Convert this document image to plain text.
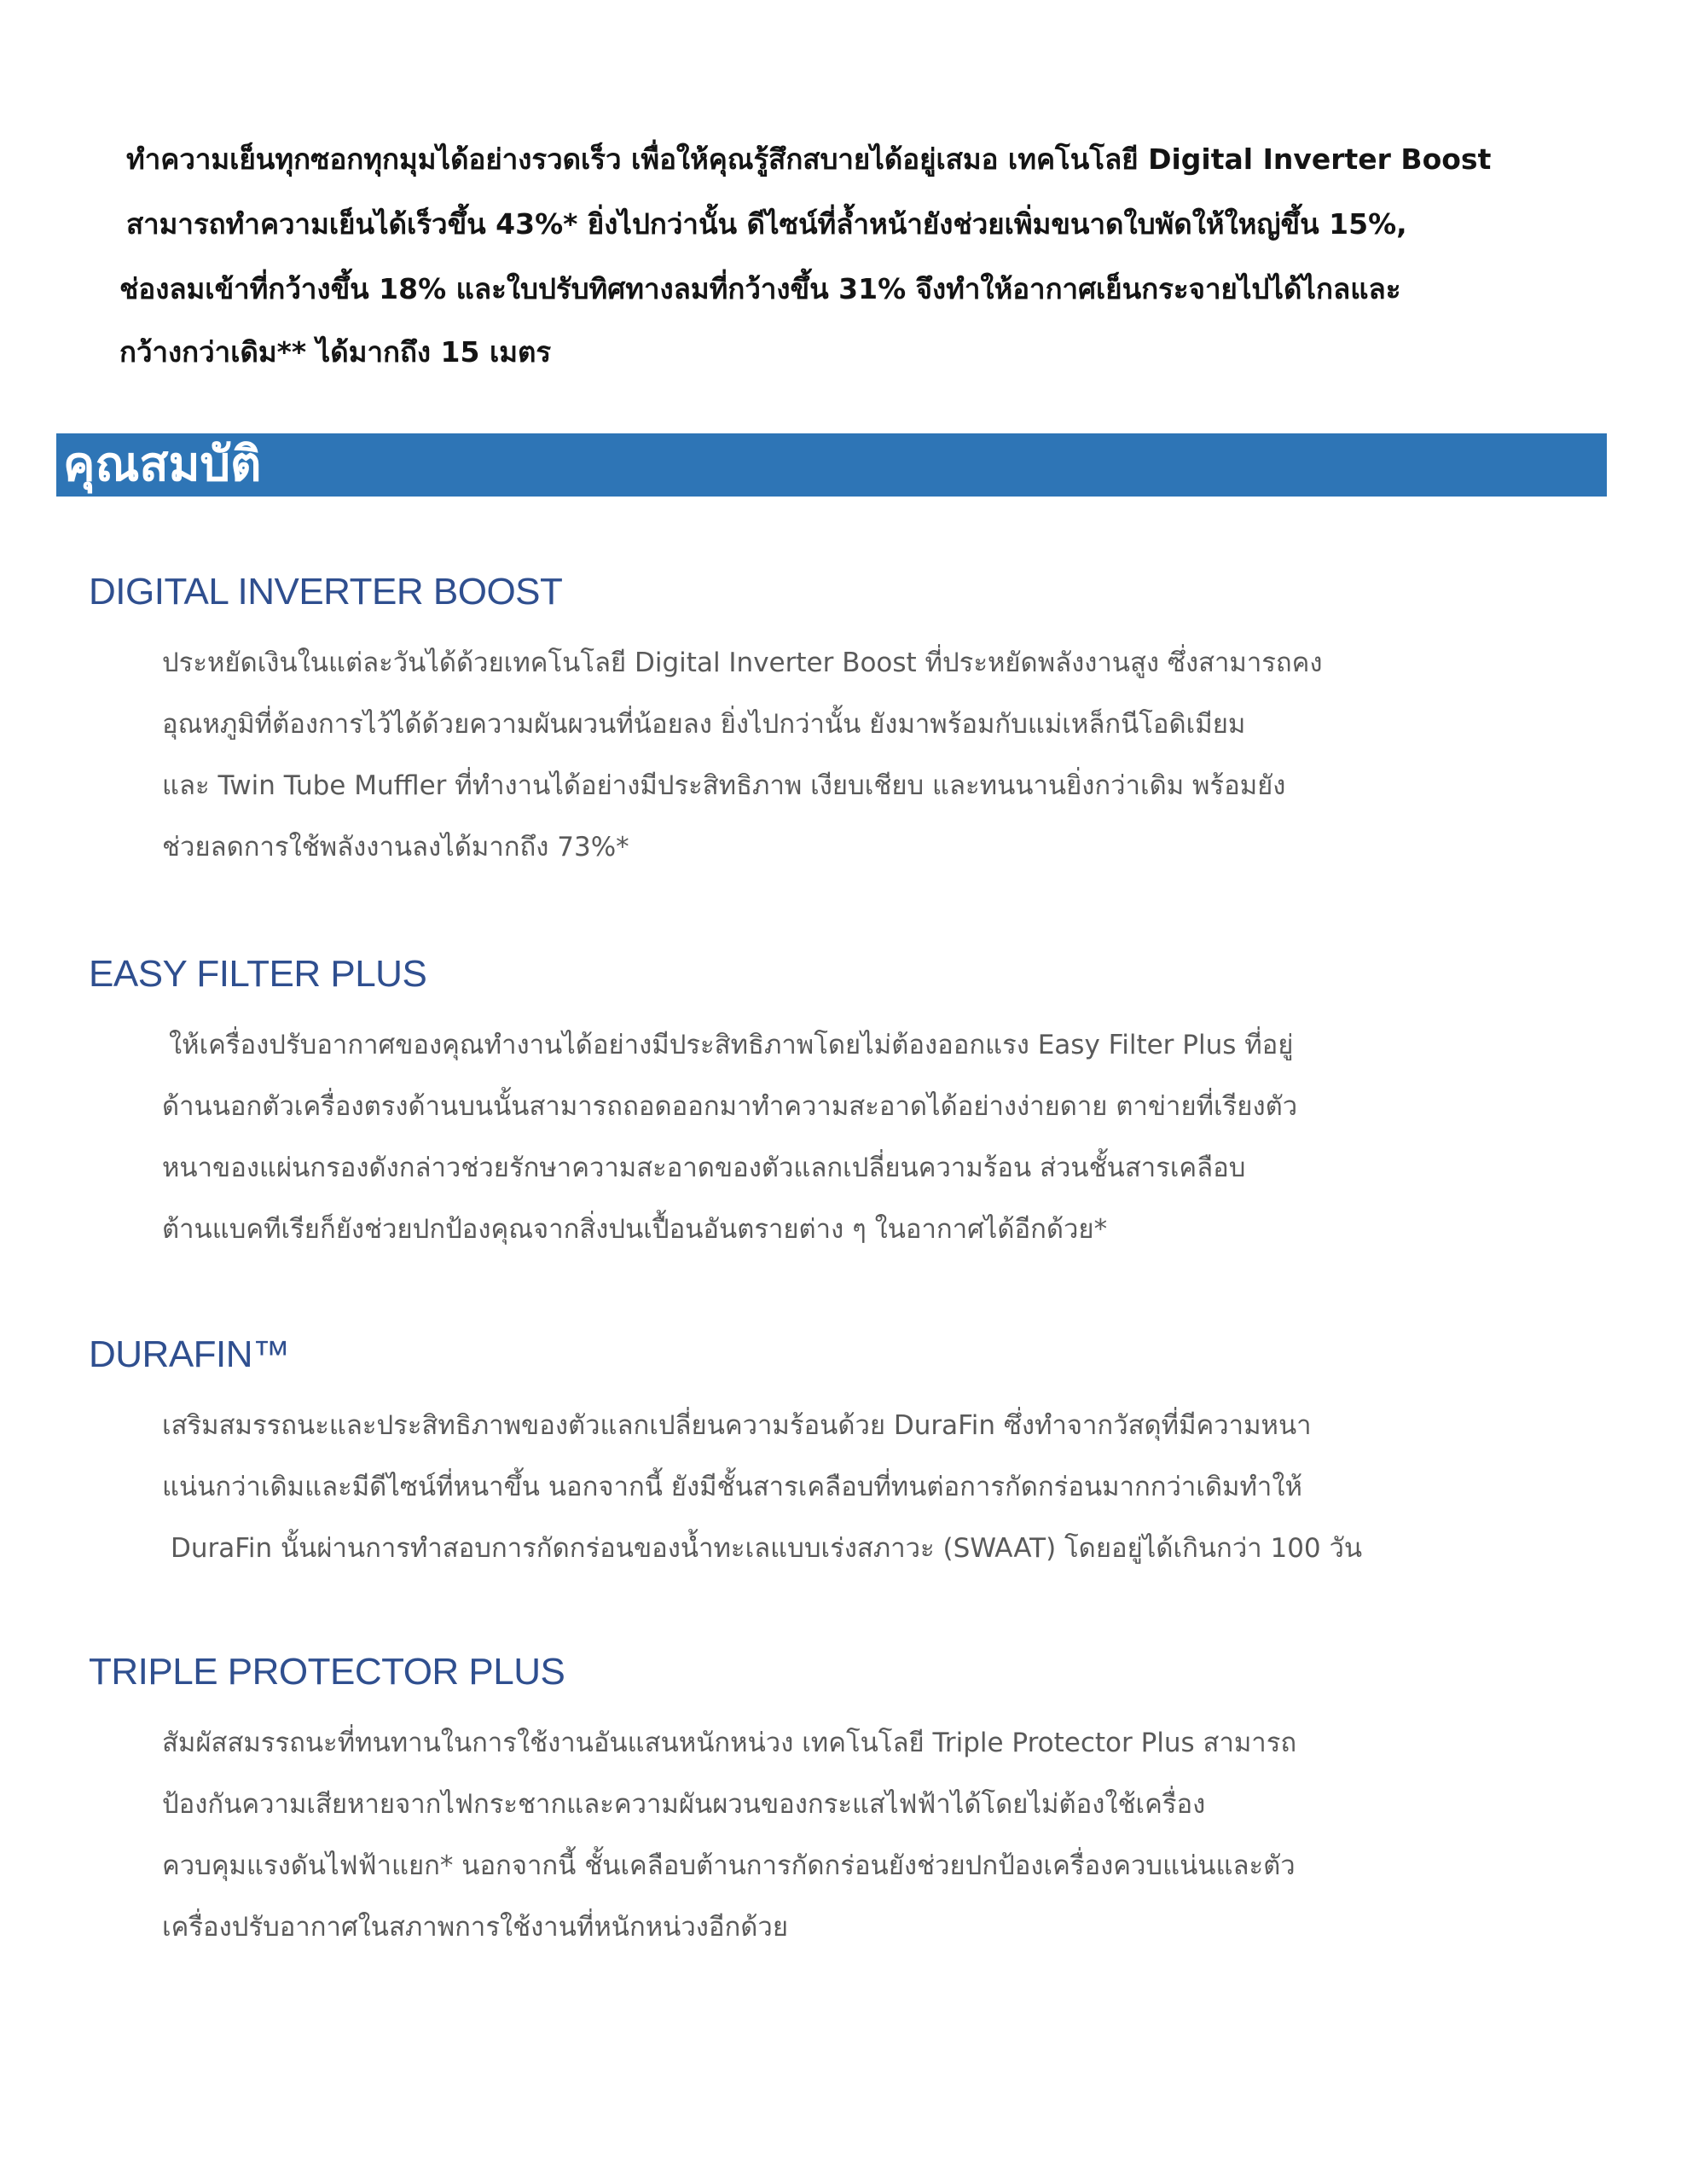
ทำความเย็นทุกซอกทุกมุมได้อย่างรวดเร็ว เพื่อให้คุณรู้สึกสบายได้อยู่เสมอ เทคโนโลยี Digital Inverter Boost
สามารถทำความเย็นได้เร็วขึ้น 43%* ยิ่งไปกว่านั้น ดีไซน์ที่ล้ำหน้ายังช่วยเพิ่มขนาดใบพัดให้ใหญ่ขึ้น 15%,
ช่องลมเข้าที่กว้างขึ้น 18% และใบปรับทิศทางลมที่กว้างขึ้น 31% จึงทำให้อากาศเย็นกระจายไปได้ไกลและ
กว้างกว่าเดิม** ได้มากถึง 15 เมตร
คุณสมบัติ
DIGITAL INVERTER BOOST
ประหยัดเงินในแต่ละวันได้ด้วยเทคโนโลยี Digital Inverter Boost ที่ประหยัดพลังงานสูง ซึ่งสามารถคง
อุณหภูมิที่ต้องการไว้ได้ด้วยความผันผวนที่น้อยลง ยิ่งไปกว่านั้น ยังมาพร้อมกับแม่เหล็กนีโอดิเมียม
และ Twin Tube Muffler ที่ทำงานได้อย่างมีประสิทธิภาพ เงียบเชียบ และทนนานยิ่งกว่าเดิม พร้อมยัง
ช่วยลดการใช้พลังงานลงได้มากถึง 73%*
EASY FILTER PLUS
ให้เครื่องปรับอากาศของคุณทำงานได้อย่างมีประสิทธิภาพโดยไม่ต้องออกแรง Easy Filter Plus ที่อยู่
ด้านนอกตัวเครื่องตรงด้านบนนั้นสามารถถอดออกมาทำความสะอาดได้อย่างง่ายดาย ตาข่ายที่เรียงตัว
หนาของแผ่นกรองดังกล่าวช่วยรักษาความสะอาดของตัวแลกเปลี่ยนความร้อน ส่วนชั้นสารเคลือบ
ต้านแบคทีเรียก็ยังช่วยปกป้องคุณจากสิ่งปนเปื้อนอันตรายต่าง ๆ ในอากาศได้อีกด้วย*
DURAFIN™
เสริมสมรรถนะและประสิทธิภาพของตัวแลกเปลี่ยนความร้อนด้วย DuraFin ซึ่งทำจากวัสดุที่มีความหนา
แน่นกว่าเดิมและมีดีไซน์ที่หนาขึ้น นอกจากนี้ ยังมีชั้นสารเคลือบที่ทนต่อการกัดกร่อนมากกว่าเดิมทำให้
DuraFin นั้นผ่านการทำสอบการกัดกร่อนของน้ำทะเลแบบเร่งสภาวะ (SWAAT) โดยอยู่ได้เกินกว่า 100 วัน
TRIPLE PROTECTOR PLUS
สัมผัสสมรรถนะที่ทนทานในการใช้งานอันแสนหนักหน่วง เทคโนโลยี Triple Protector Plus สามารถ
ป้องกันความเสียหายจากไฟกระชากและความผันผวนของกระแสไฟฟ้าได้โดยไม่ต้องใช้เครื่อง
ควบคุมแรงดันไฟฟ้าแยก* นอกจากนี้ ชั้นเคลือบต้านการกัดกร่อนยังช่วยปกป้องเครื่องควบแน่นและตัว
เครื่องปรับอากาศในสภาพการใช้งานที่หนักหน่วงอีกด้วย
